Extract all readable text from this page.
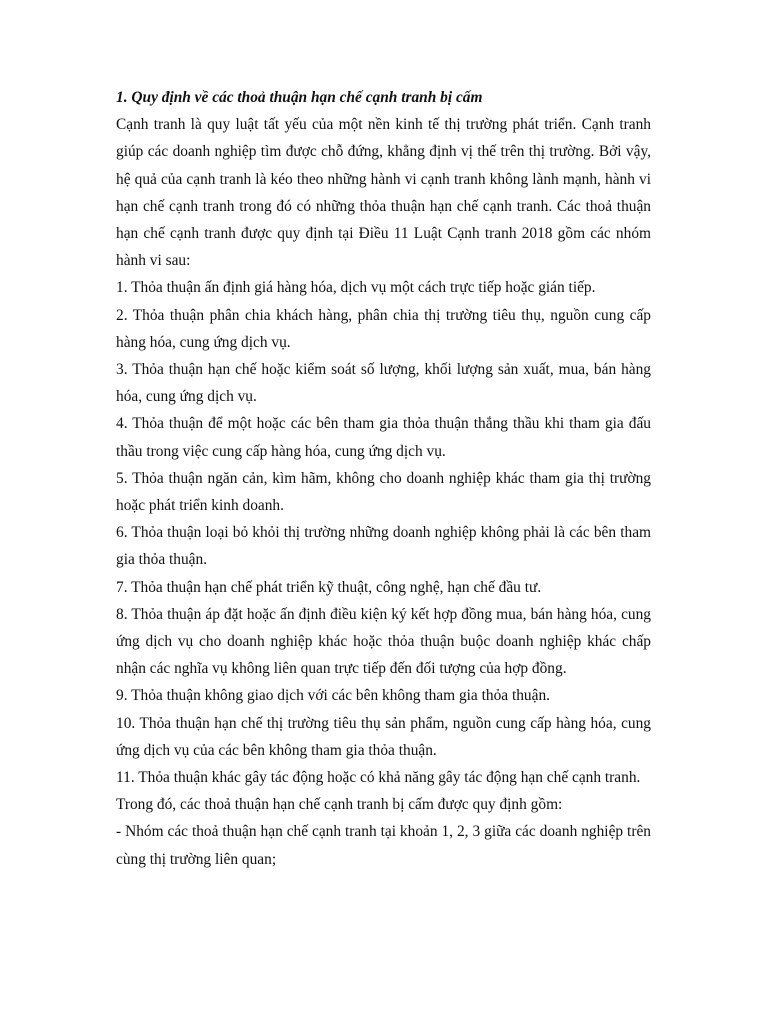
1. Quy định về các thoả thuận hạn chế cạnh tranh bị cấm

Cạnh tranh là quy luật tất yếu của một nền kinh tế thị trường phát triển. Cạnh tranh giúp các doanh nghiệp tìm được chỗ đứng, khẳng định vị thế trên thị trường. Bởi vậy, hệ quả của cạnh tranh là kéo theo những hành vi cạnh tranh không lành mạnh, hành vi hạn chế cạnh tranh trong đó có những thỏa thuận hạn chế cạnh tranh. Các thoả thuận hạn chế cạnh tranh được quy định tại Điều 11 Luật Cạnh tranh 2018 gồm các nhóm hành vi sau:

1. Thỏa thuận ấn định giá hàng hóa, dịch vụ một cách trực tiếp hoặc gián tiếp.

2. Thỏa thuận phân chia khách hàng, phân chia thị trường tiêu thụ, nguồn cung cấp hàng hóa, cung ứng dịch vụ.

3. Thỏa thuận hạn chế hoặc kiểm soát số lượng, khối lượng sản xuất, mua, bán hàng hóa, cung ứng dịch vụ.

4. Thỏa thuận để một hoặc các bên tham gia thỏa thuận thắng thầu khi tham gia đấu thầu trong việc cung cấp hàng hóa, cung ứng dịch vụ.

5. Thỏa thuận ngăn cản, kìm hãm, không cho doanh nghiệp khác tham gia thị trường hoặc phát triển kinh doanh.

6. Thỏa thuận loại bỏ khỏi thị trường những doanh nghiệp không phải là các bên tham gia thỏa thuận.

7. Thỏa thuận hạn chế phát triển kỹ thuật, công nghệ, hạn chế đầu tư.

8. Thỏa thuận áp đặt hoặc ấn định điều kiện ký kết hợp đồng mua, bán hàng hóa, cung ứng dịch vụ cho doanh nghiệp khác hoặc thỏa thuận buộc doanh nghiệp khác chấp nhận các nghĩa vụ không liên quan trực tiếp đến đối tượng của hợp đồng.

9. Thỏa thuận không giao dịch với các bên không tham gia thỏa thuận.

10. Thỏa thuận hạn chế thị trường tiêu thụ sản phẩm, nguồn cung cấp hàng hóa, cung ứng dịch vụ của các bên không tham gia thỏa thuận.

11. Thỏa thuận khác gây tác động hoặc có khả năng gây tác động hạn chế cạnh tranh.

Trong đó, các thoả thuận hạn chế cạnh tranh bị cấm được quy định gồm:

- Nhóm các thoả thuận hạn chế cạnh tranh tại khoản 1, 2, 3 giữa các doanh nghiệp trên cùng thị trường liên quan;
